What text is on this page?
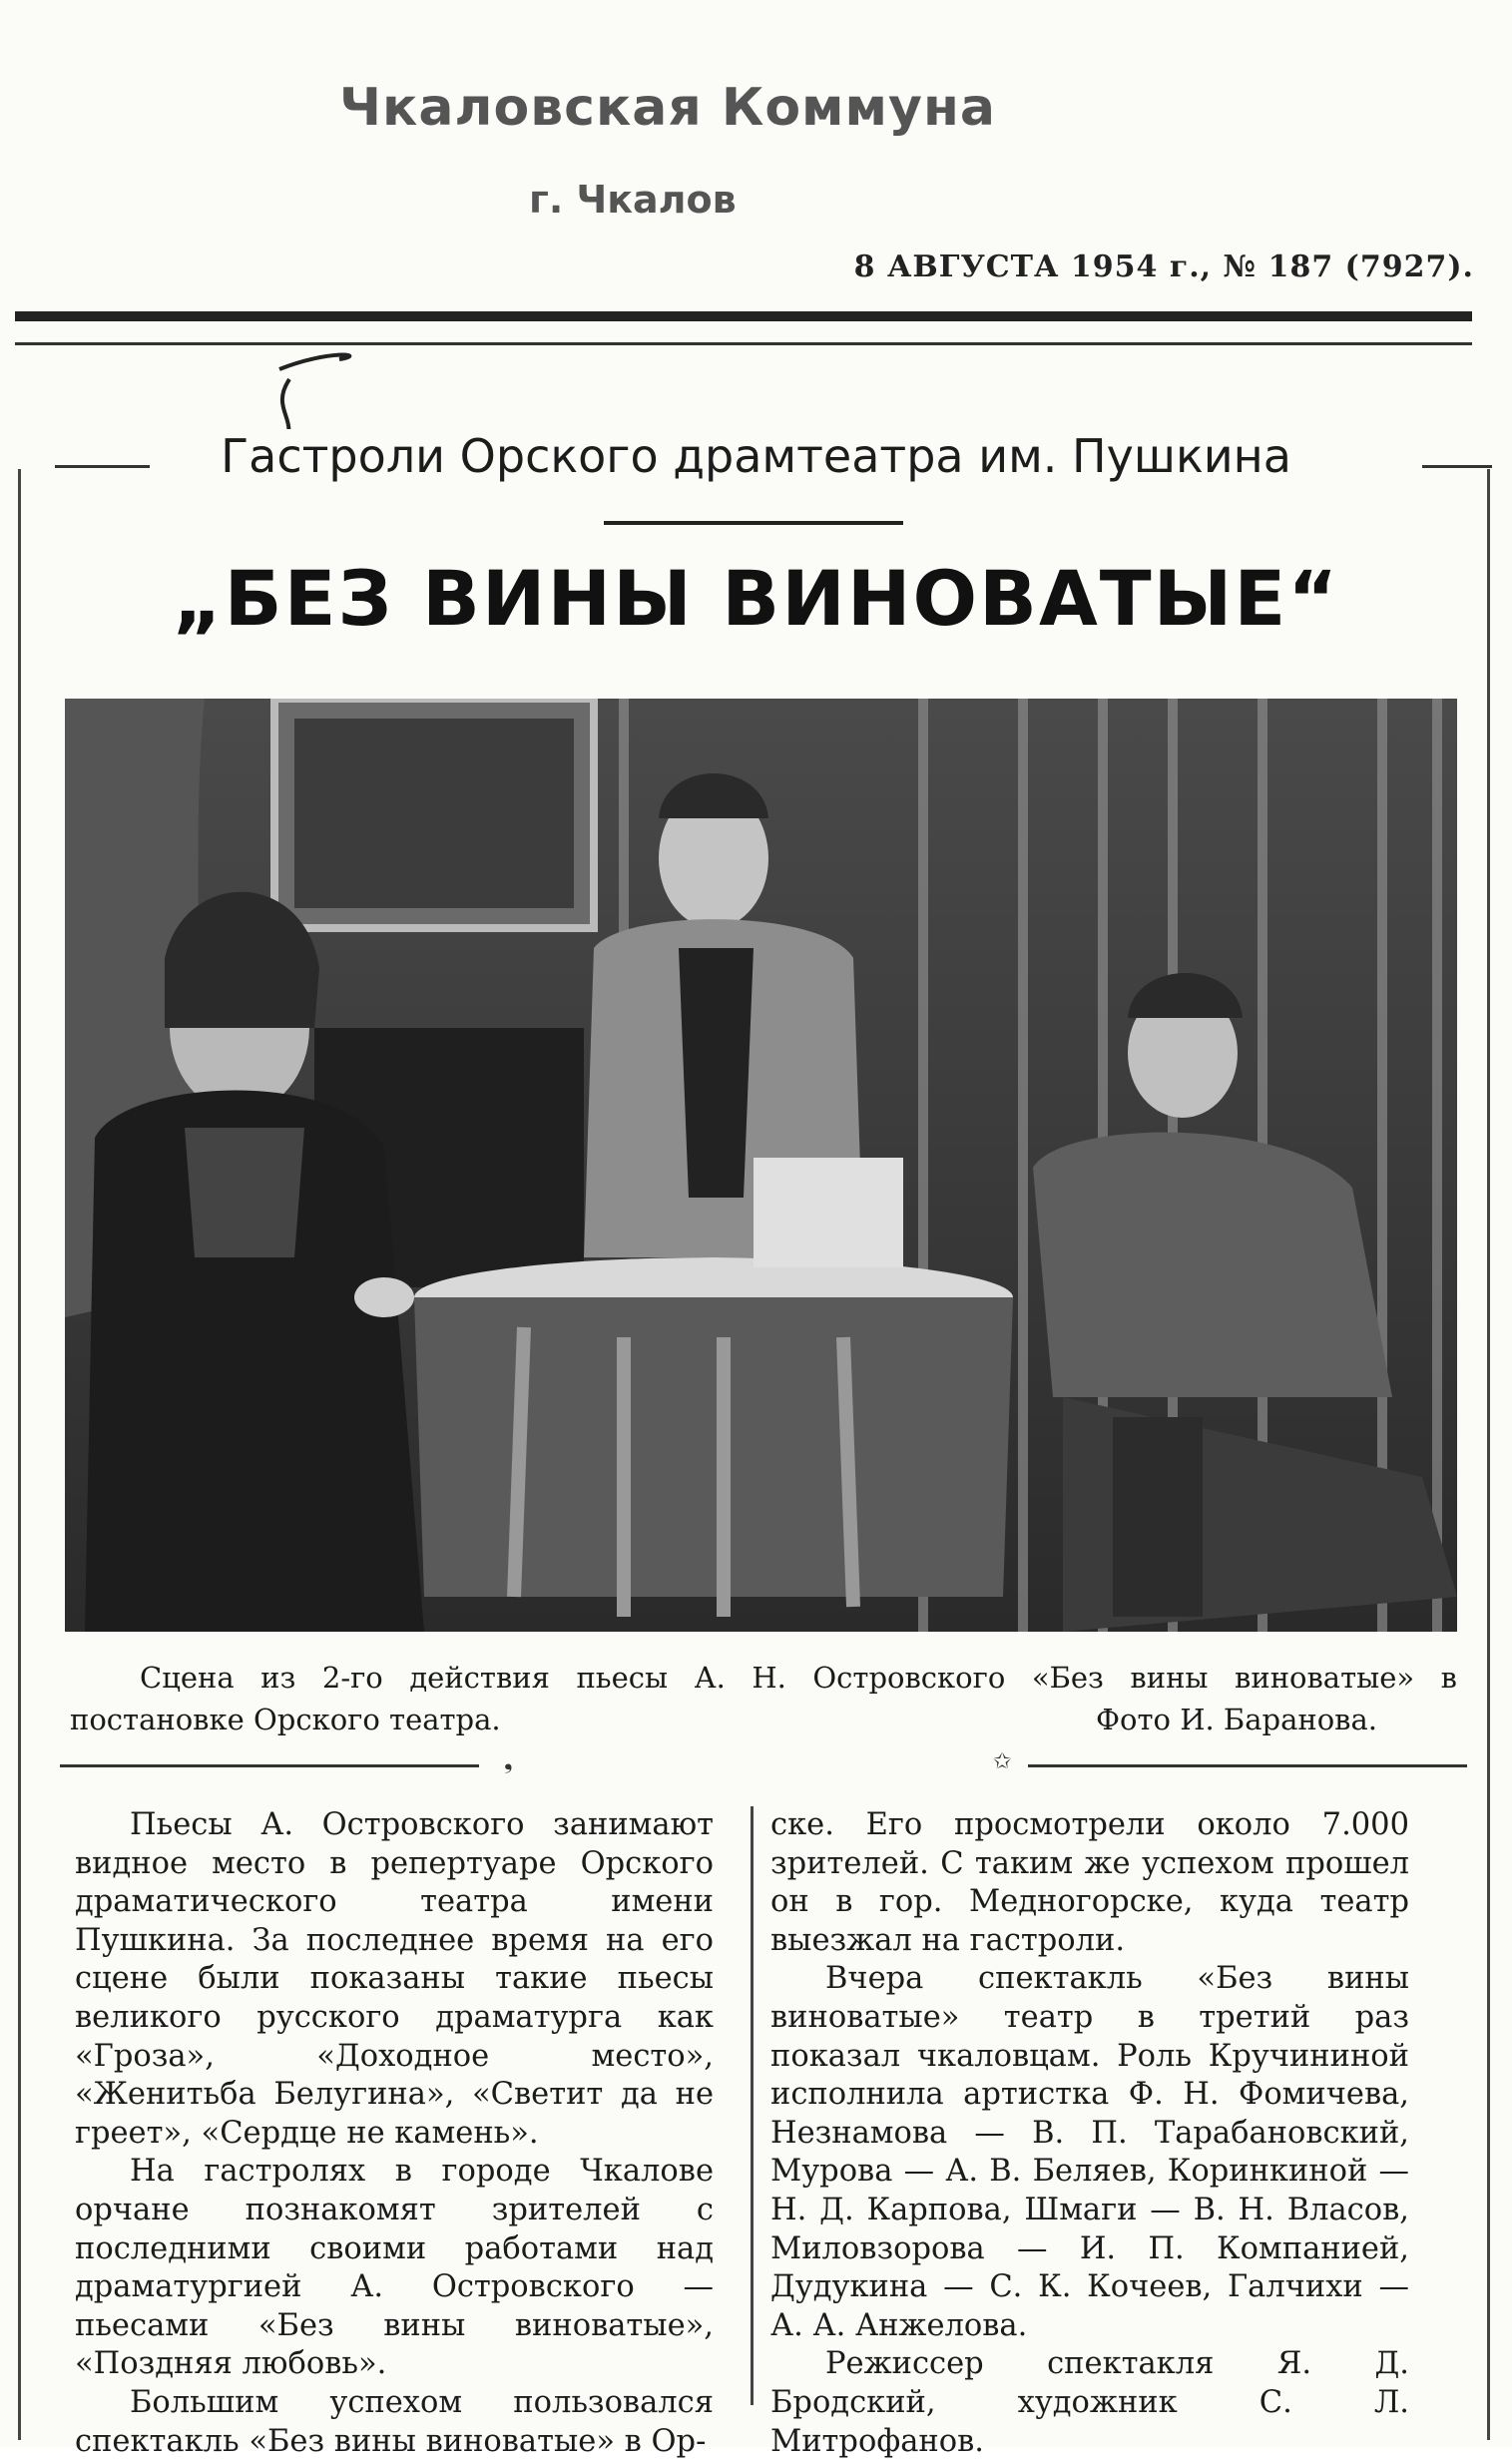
Чкаловская Коммуна
г. Чкалов
8 АВГУСТА 1954 г., № 187 (7927).
Гастроли Орского драмтеатра им. Пушкина
„БЕЗ ВИНЫ ВИНОВАТЫЕ“
Сцена из 2-го действия пьесы А. Н. Островского «Без вины виноватые» в
постановке Орского театра.	Фото И. Баранова.
❟	✩

Пьесы А. Островского занимают видное место в репертуаре Орского драматического театра имени Пушкина. За последнее время на его сцене были показаны такие пьесы великого русского драматурга как «Гроза», «Доходное место», «Женитьба Белугина», «Светит да не греет», «Сердце не камень».

На гастролях в городе Чкалове орчане познакомят зрителей с последними своими работами над драматургией А. Островского — пьесами «Без вины виноватые», «Поздняя любовь».

Большим успехом пользовался спектакль «Без вины виноватые» в Ор-

ске. Его просмотрели около 7.000 зрителей. С таким же успехом прошел он в гор. Медногорске, куда театр выезжал на гастроли.

Вчера спектакль «Без вины виноватые» театр в третий раз показал чкаловцам. Роль Кручининой исполнила артистка Ф. Н. Фомичева, Незнамова — В. П. Тарабановский, Мурова — А. В. Беляев, Коринкиной — Н. Д. Карпова, Шмаги — В. Н. Власов, Миловзорова — И. П. Компанией, Дудукина — С. К. Кочеев, Галчихи — А. А. Анжелова.

Режиссер спектакля Я. Д. Бродский, художник С. Л. Митрофанов.
